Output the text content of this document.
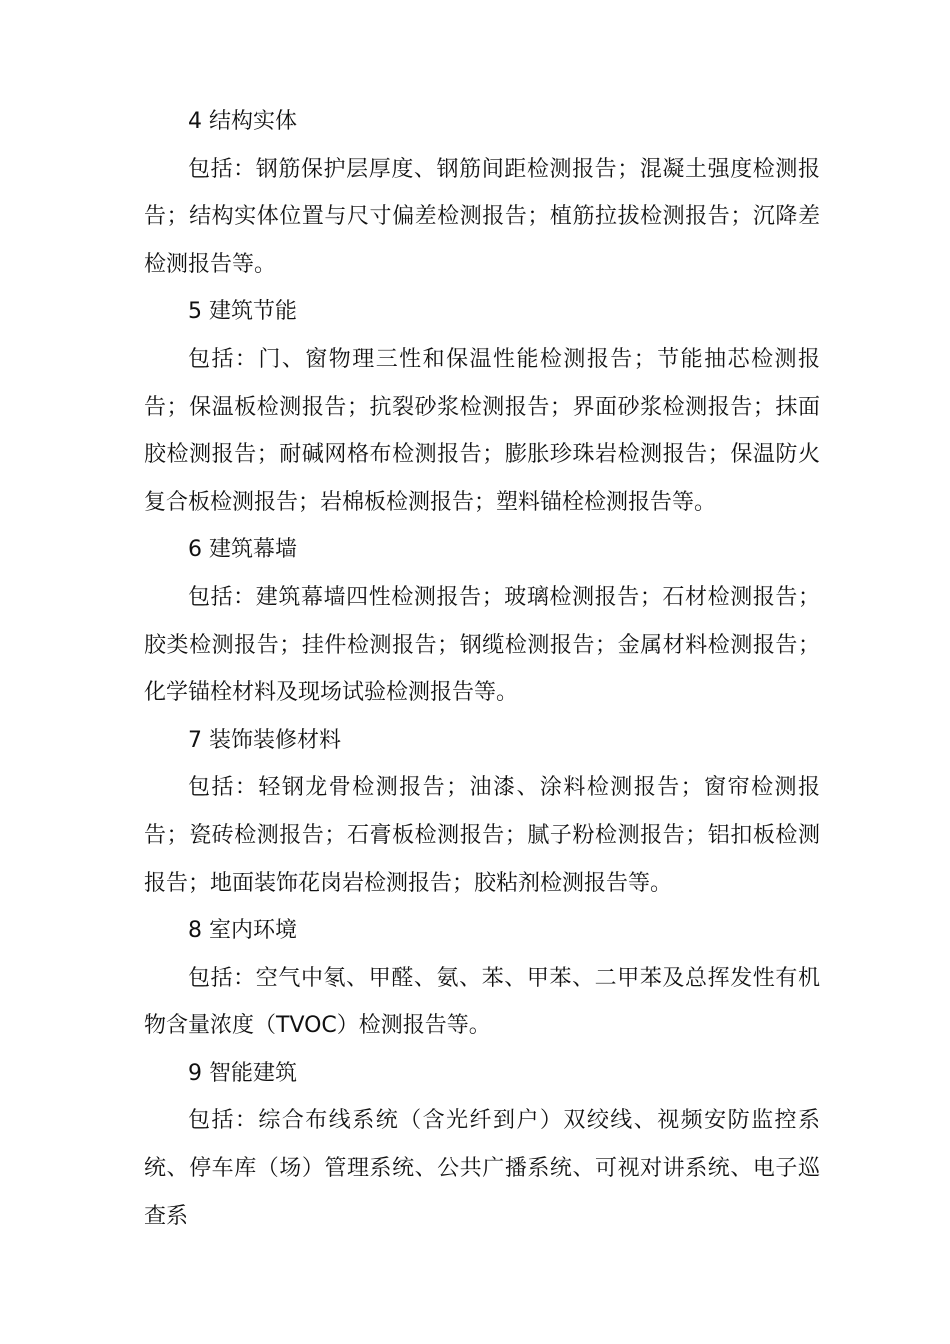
4 结构实体

包括：钢筋保护层厚度、钢筋间距检测报告；混凝土强度检测报告；结构实体位置与尺寸偏差检测报告；植筋拉拔检测报告；沉降差检测报告等。

5 建筑节能

包括：门、窗物理三性和保温性能检测报告；节能抽芯检测报告；保温板检测报告；抗裂砂浆检测报告；界面砂浆检测报告；抹面胶检测报告；耐碱网格布检测报告；膨胀珍珠岩检测报告；保温防火复合板检测报告；岩棉板检测报告；塑料锚栓检测报告等。

6 建筑幕墙

包括：建筑幕墙四性检测报告；玻璃检测报告；石材检测报告；胶类检测报告；挂件检测报告；钢缆检测报告；金属材料检测报告；化学锚栓材料及现场试验检测报告等。

7 装饰装修材料

包括：轻钢龙骨检测报告；油漆、涂料检测报告；窗帘检测报告；瓷砖检测报告；石膏板检测报告；腻子粉检测报告；铝扣板检测报告；地面装饰花岗岩检测报告；胶粘剂检测报告等。

8 室内环境

包括：空气中氡、甲醛、氨、苯、甲苯、二甲苯及总挥发性有机物含量浓度（TVOC）检测报告等。

9 智能建筑

包括：综合布线系统（含光纤到户）双绞线、视频安防监控系统、停车库（场）管理系统、公共广播系统、可视对讲系统、电子巡查系
